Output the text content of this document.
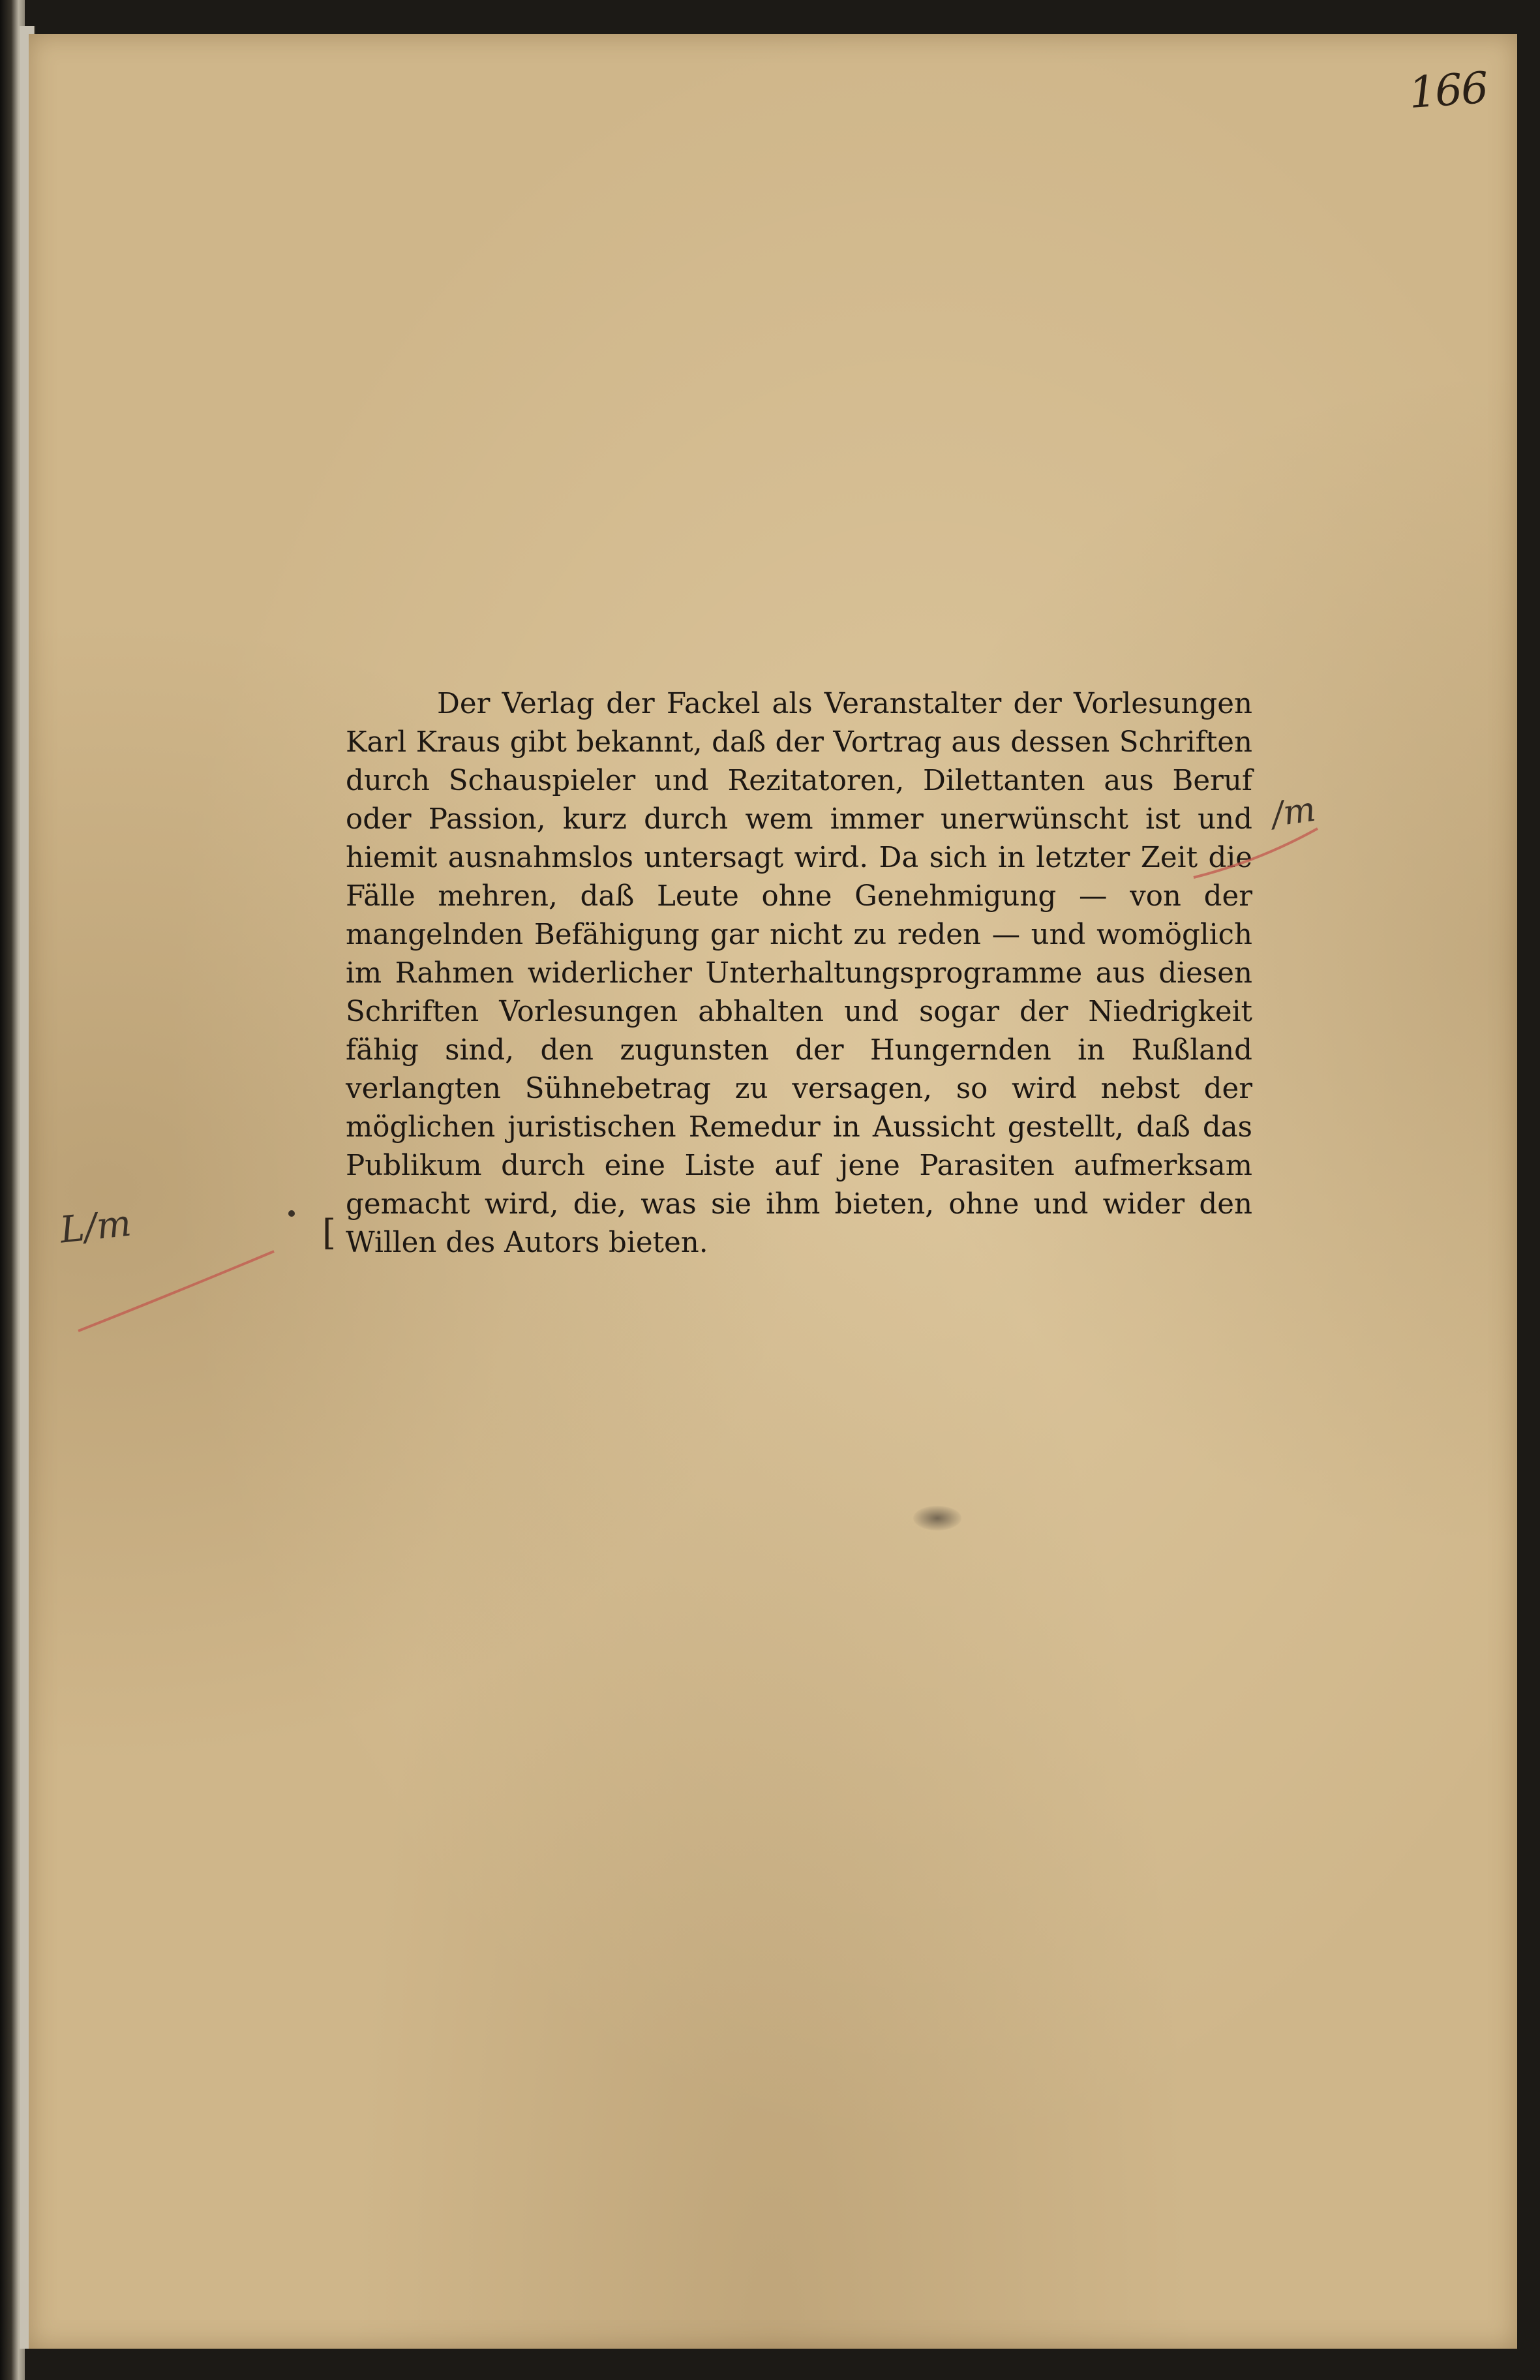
166

Der Verlag der Fackel als Veranstalter der Vorlesungen Karl Kraus gibt bekannt, daß der Vortrag aus dessen Schriften durch Schauspieler und Rezitatoren, Dilettanten aus Beruf oder Passion, kurz durch wem immer unerwünscht ist und hiemit ausnahmslos untersagt wird. Da sich in letzter Zeit die Fälle mehren, daß Leute ohne Genehmigung — von der mangelnden Befähigung gar nicht zu reden — und womöglich im Rahmen widerlicher Unterhaltungsprogramme aus diesen Schriften Vorlesungen abhalten und sogar der Niedrigkeit fähig sind, den zugunsten der Hungernden in Rußland verlangten Sühnebetrag zu versagen, so wird nebst der möglichen juristischen Remedur in Aussicht gestellt, daß das Publikum durch eine Liste auf jene Parasiten aufmerksam gemacht wird, die, was sie ihm bieten, ohne und wider den Willen des Autors bieten.

/m
L/m	[
